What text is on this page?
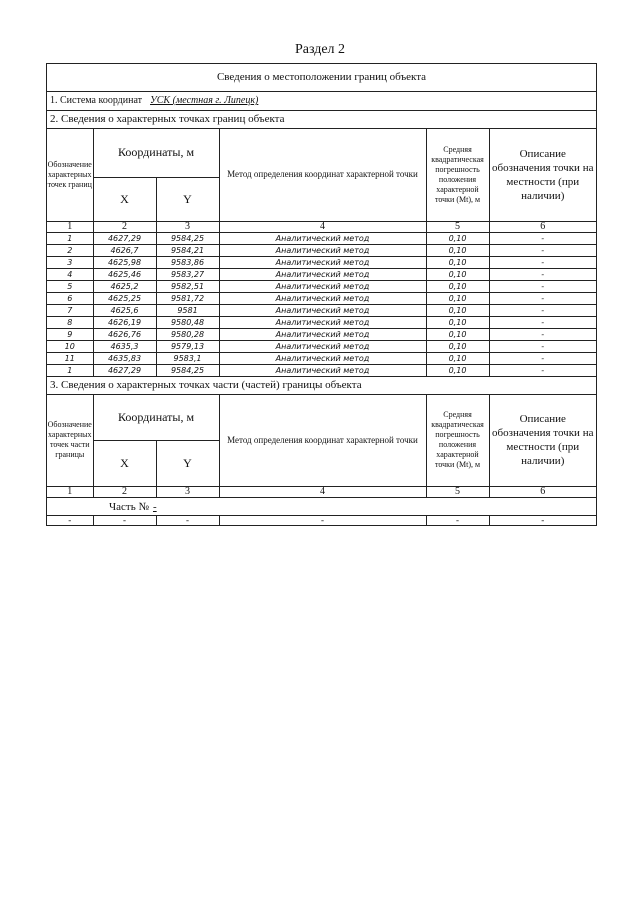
Раздел 2
Сведения о местоположении границ объекта
1. Система координат УСК (местная г. Липецк)
2. Сведения о характерных точках границ объекта
Обозначение характерных точек границ	Координаты, м		Метод определения координат характерной точки	Средняя квадратическая погрешность положения характерной точки (Mt), м	Описание обозначения точки на местности (при наличии)
	X	Y			
1	2	3	4	5	6
1	4627,29	9584,25	Аналитический метод	0,10	-
2	4626,7	9584,21	Аналитический метод	0,10	-
3	4625,98	9583,86	Аналитический метод	0,10	-
4	4625,46	9583,27	Аналитический метод	0,10	-
5	4625,2	9582,51	Аналитический метод	0,10	-
6	4625,25	9581,72	Аналитический метод	0,10	-
7	4625,6	9581	Аналитический метод	0,10	-
8	4626,19	9580,48	Аналитический метод	0,10	-
9	4626,76	9580,28	Аналитический метод	0,10	-
10	4635,3	9579,13	Аналитический метод	0,10	-
11	4635,83	9583,1	Аналитический метод	0,10	-
1	4627,29	9584,25	Аналитический метод	0,10	-
3. Сведения о характерных точках части (частей) границы объекта
Обозначение характерных точек части границы	Координаты, м		Метод определения координат характерной точки	Средняя квадратическая погрешность положения характерной точки (Mt), м	Описание обозначения точки на местности (при наличии)
	X	Y			
1	2	3	4	5	6
Часть № -					
-	-	-	-	-	-
